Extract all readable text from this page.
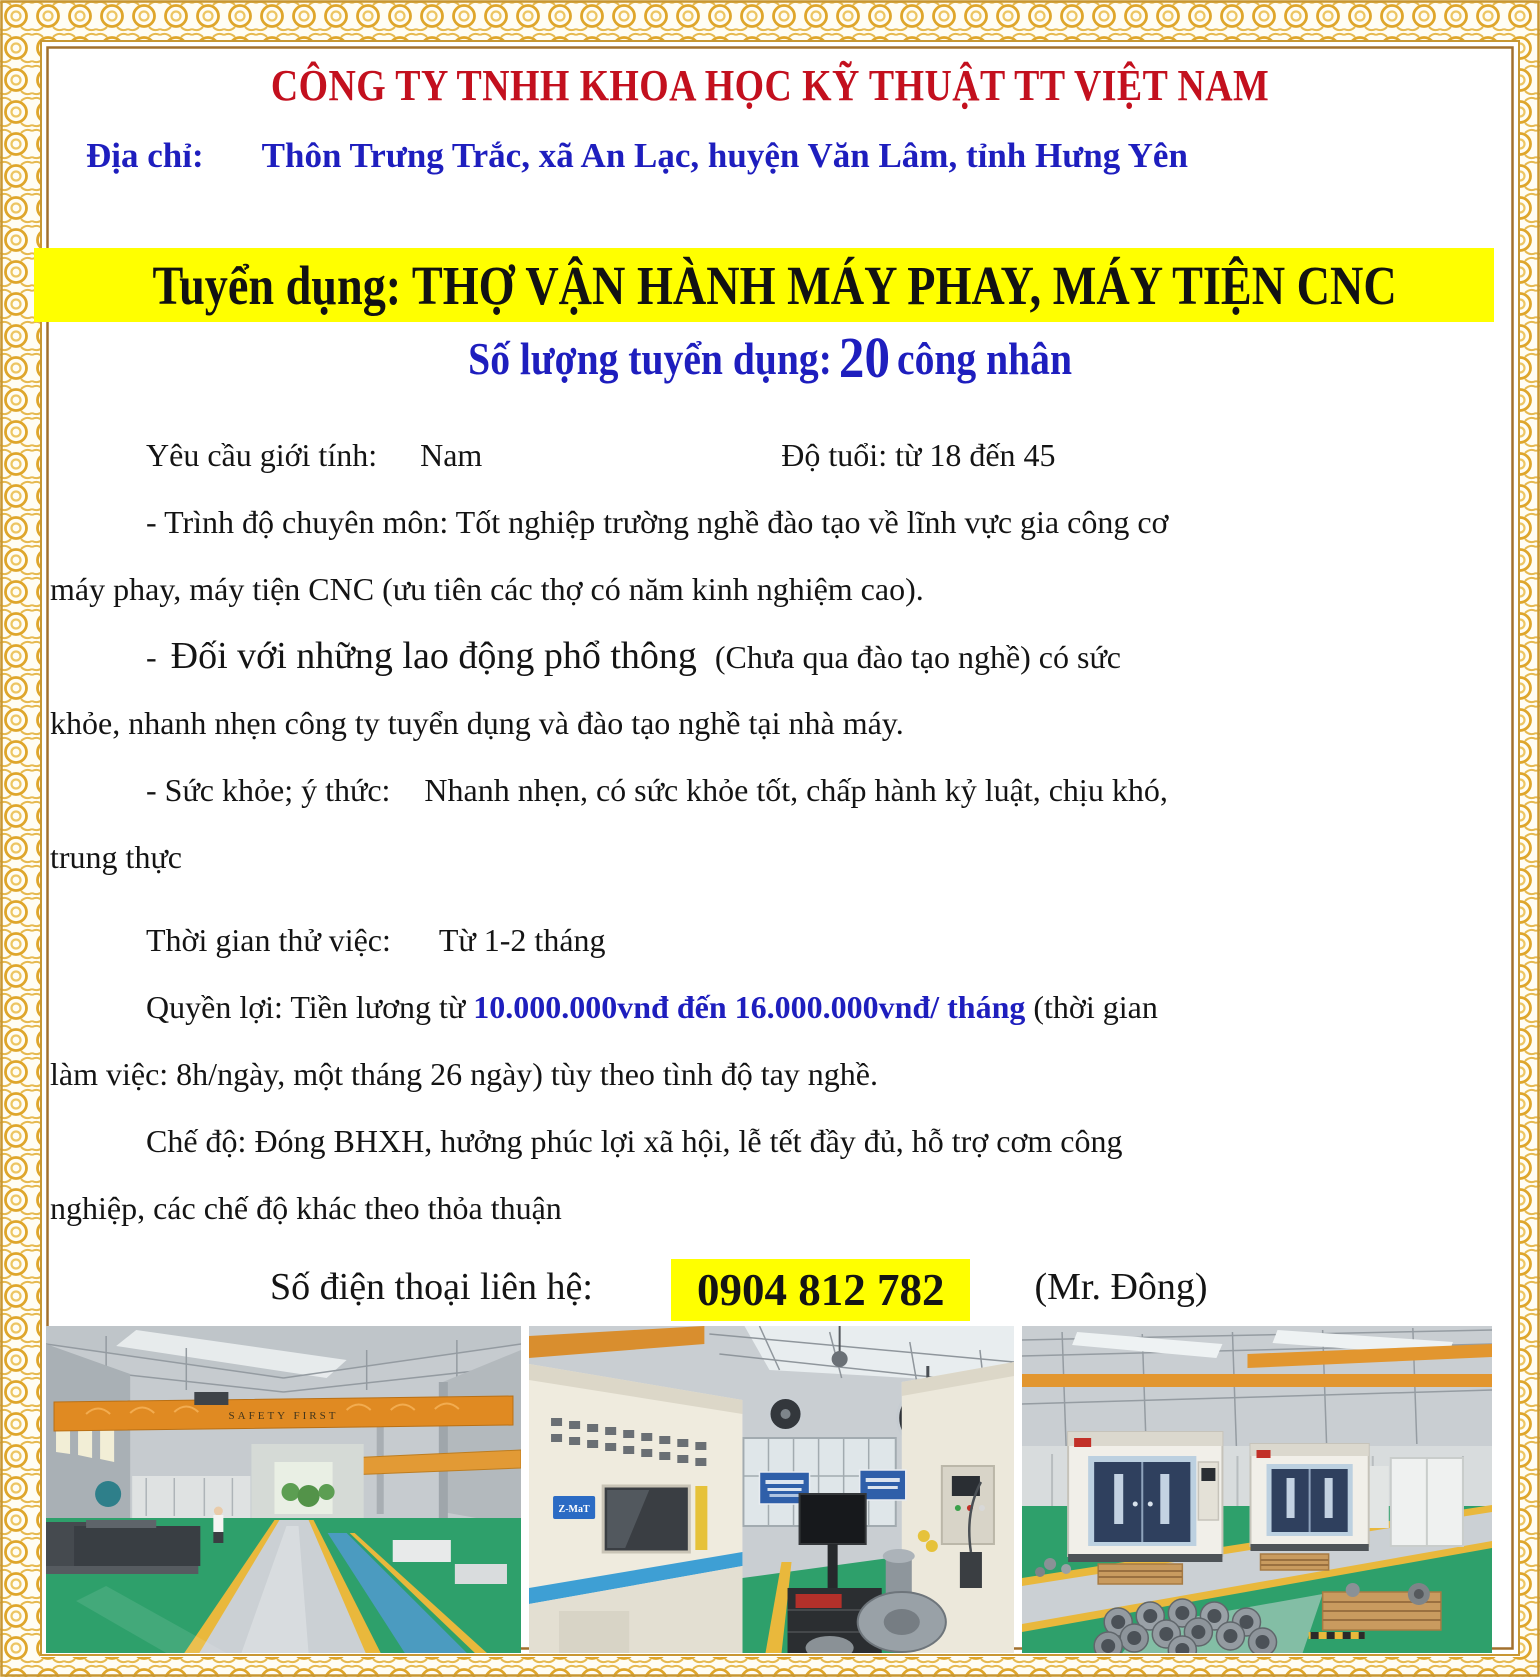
CÔNG TY TNHH KHOA HỌC KỸ THUẬT TT VIỆT NAM
Địa chỉ: Thôn Trưng Trắc, xã An Lạc, huyện Văn Lâm, tỉnh Hưng Yên
Tuyển dụng: THỢ VẬN HÀNH MÁY PHAY, MÁY TIỆN CNC
Số lượng tuyển dụng: 20 công nhân
Yêu cầu giới tính: Nam	Độ tuổi: từ 18 đến 45
- Trình độ chuyên môn: Tốt nghiệp trường nghề đào tạo về lĩnh vực gia công cơ
máy phay, máy tiện CNC (ưu tiên các thợ có năm kinh nghiệm cao).
- Đối với những lao động phổ thông (Chưa qua đào tạo nghề) có sức
khỏe, nhanh nhẹn công ty tuyển dụng và đào tạo nghề tại nhà máy.
- Sức khỏe; ý thức: Nhanh nhẹn, có sức khỏe tốt, chấp hành kỷ luật, chịu khó,
trung thực
Thời gian thử việc: Từ 1-2 tháng
Quyền lợi: Tiền lương từ 10.000.000vnđ đến 16.000.000vnđ/ tháng (thời gian
làm việc: 8h/ngày, một tháng 26 ngày) tùy theo tình độ tay nghề.
Chế độ: Đóng BHXH, hưởng phúc lợi xã hội, lễ tết đầy đủ, hỗ trợ cơm công
nghiệp, các chế độ khác theo thỏa thuận
Số điện thoại liên hệ: 0904 812 782 (Mr. Đông)
SAFETY FIRST
Z-MaT
